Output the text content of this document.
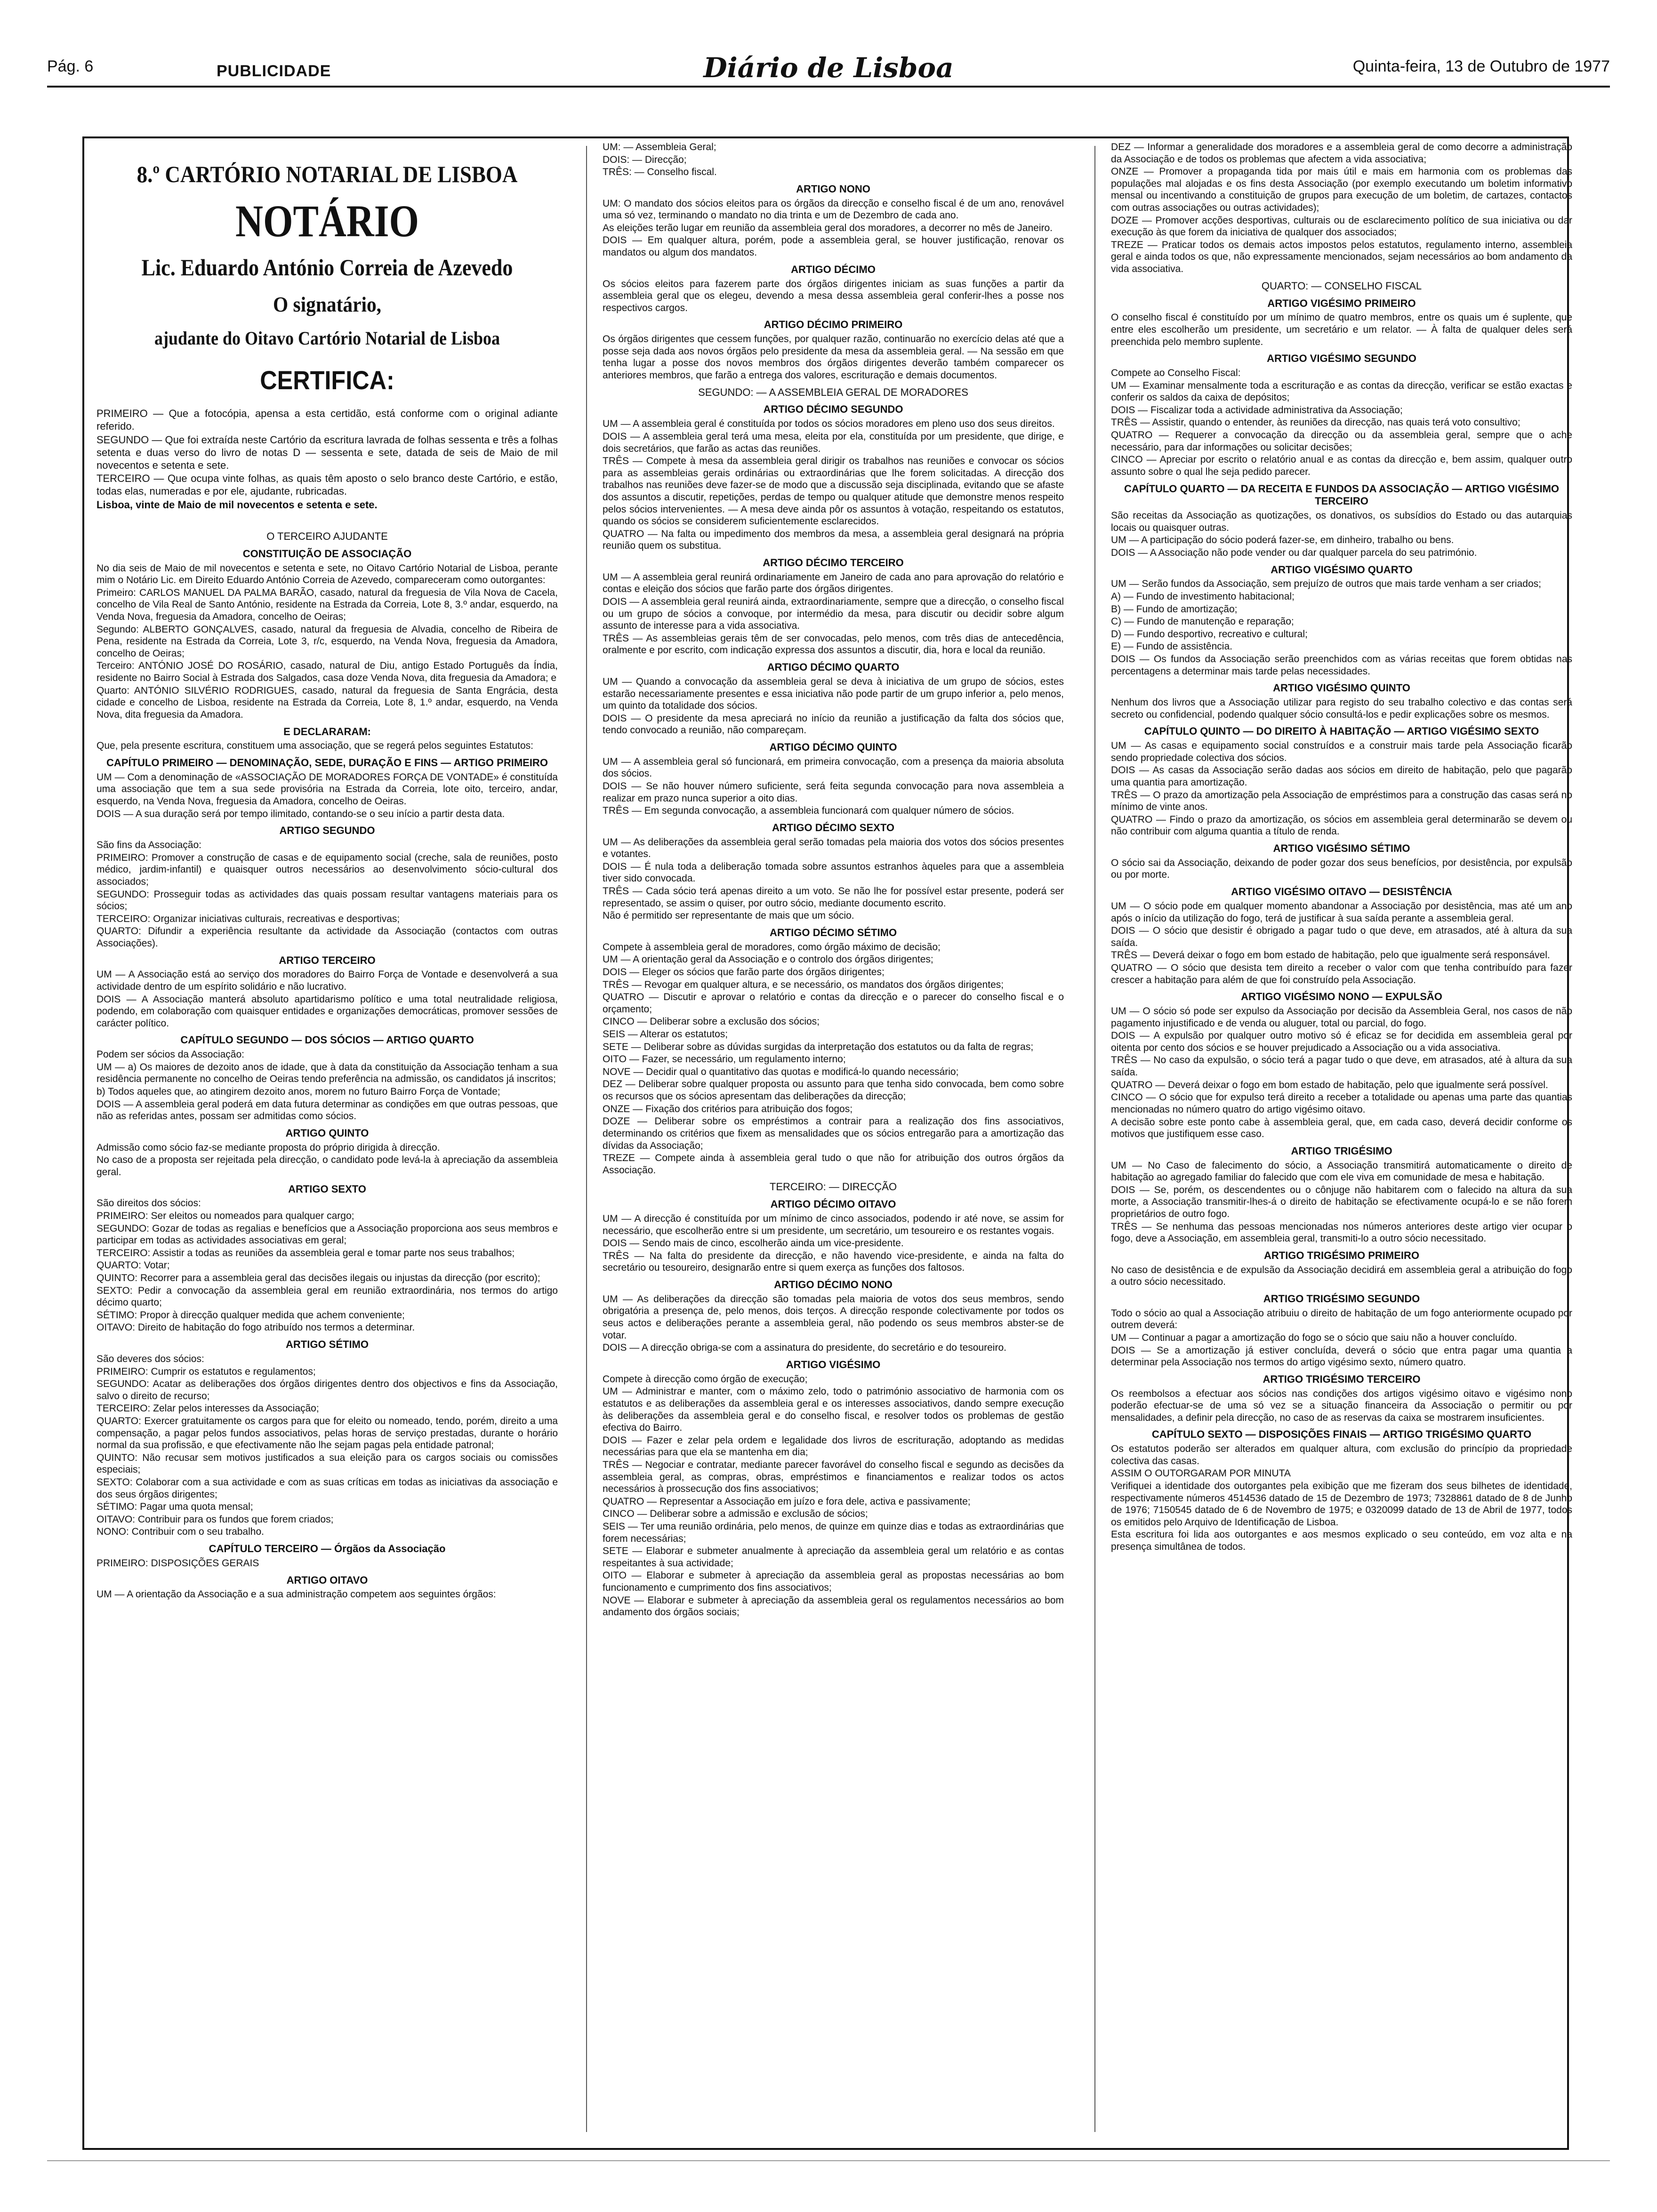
Pág. 6	PUBLICIDADE	Diário de Lisboa	Quinta-feira, 13 de Outubro de 1977
8.º CARTÓRIO NOTARIAL DE LISBOA
NOTÁRIO
Lic. Eduardo António Correia de Azevedo
O signatário,
ajudante do Oitavo Cartório Notarial de Lisboa
CERTIFICA:

PRIMEIRO — Que a fotocópia, apensa a esta certidão, está conforme com o original adiante referido.

SEGUNDO — Que foi extraída neste Cartório da escritura lavrada de folhas sessenta e três a folhas setenta e duas verso do livro de notas D — sessenta e sete, datada de seis de Maio de mil novecentos e setenta e sete.

TERCEIRO — Que ocupa vinte folhas, as quais têm aposto o selo branco deste Cartório, e estão, todas elas, numeradas e por ele, ajudante, rubricadas.

Lisboa, vinte de Maio de mil novecentos e setenta e sete.

O TERCEIRO AJUDANTE
CONSTITUIÇÃO DE ASSOCIAÇÃO

No dia seis de Maio de mil novecentos e setenta e sete, no Oitavo Cartório Notarial de Lisboa, perante mim o Notário Lic. em Direito Eduardo António Correia de Azevedo, compareceram como outorgantes:

Primeiro: CARLOS MANUEL DA PALMA BARÃO, casado, natural da freguesia de Vila Nova de Cacela, concelho de Vila Real de Santo António, residente na Estrada da Correia, Lote 8, 3.º andar, esquerdo, na Venda Nova, freguesia da Amadora, concelho de Oeiras;

Segundo: ALBERTO GONÇALVES, casado, natural da freguesia de Alvadia, concelho de Ribeira de Pena, residente na Estrada da Correia, Lote 3, r/c, esquerdo, na Venda Nova, freguesia da Amadora, concelho de Oeiras;

Terceiro: ANTÓNIO JOSÉ DO ROSÁRIO, casado, natural de Diu, antigo Estado Português da Índia, residente no Bairro Social à Estrada dos Salgados, casa doze Venda Nova, dita freguesia da Amadora; e

Quarto: ANTÓNIO SILVÉRIO RODRIGUES, casado, natural da freguesia de Santa Engrácia, desta cidade e concelho de Lisboa, residente na Estrada da Correia, Lote 8, 1.º andar, esquerdo, na Venda Nova, dita freguesia da Amadora.

E DECLARARAM:

Que, pela presente escritura, constituem uma associação, que se regerá pelos seguintes Estatutos:

CAPÍTULO PRIMEIRO — DENOMINAÇÃO, SEDE, DURAÇÃO E FINS — ARTIGO PRIMEIRO

UM — Com a denominação de «ASSOCIAÇÃO DE MORADORES FORÇA DE VONTADE» é constituída uma associação que tem a sua sede provisória na Estrada da Correia, lote oito, terceiro, andar, esquerdo, na Venda Nova, freguesia da Amadora, concelho de Oeiras.

DOIS — A sua duração será por tempo ilimitado, contando-se o seu início a partir desta data.

ARTIGO SEGUNDO

São fins da Associação:

PRIMEIRO: Promover a construção de casas e de equipamento social (creche, sala de reuniões, posto médico, jardim-infantil) e quaisquer outros necessários ao desenvolvimento sócio-cultural dos associados;

SEGUNDO: Prosseguir todas as actividades das quais possam resultar vantagens materiais para os sócios;

TERCEIRO: Organizar iniciativas culturais, recreativas e desportivas;

QUARTO: Difundir a experiência resultante da actividade da Associação (contactos com outras Associações).

ARTIGO TERCEIRO

UM — A Associação está ao serviço dos moradores do Bairro Força de Vontade e desenvolverá a sua actividade dentro de um espírito solidário e não lucrativo.

DOIS — A Associação manterá absoluto apartidarismo político e uma total neutralidade religiosa, podendo, em colaboração com quaisquer entidades e organizações democráticas, promover sessões de carácter político.

CAPÍTULO SEGUNDO — DOS SÓCIOS — ARTIGO QUARTO

Podem ser sócios da Associação:

UM — a) Os maiores de dezoito anos de idade, que à data da constituição da Associação tenham a sua residência permanente no concelho de Oeiras tendo preferência na admissão, os candidatos já inscritos;

b) Todos aqueles que, ao atingirem dezoito anos, morem no futuro Bairro Força de Vontade;

DOIS — A assembleia geral poderá em data futura determinar as condições em que outras pessoas, que não as referidas antes, possam ser admitidas como sócios.

ARTIGO QUINTO

Admissão como sócio faz-se mediante proposta do próprio dirigida à direcção.

No caso de a proposta ser rejeitada pela direcção, o candidato pode levá-la à apreciação da assembleia geral.

ARTIGO SEXTO

São direitos dos sócios:

PRIMEIRO: Ser eleitos ou nomeados para qualquer cargo;

SEGUNDO: Gozar de todas as regalias e benefícios que a Associação proporciona aos seus membros e participar em todas as actividades associativas em geral;

TERCEIRO: Assistir a todas as reuniões da assembleia geral e tomar parte nos seus trabalhos;

QUARTO: Votar;

QUINTO: Recorrer para a assembleia geral das decisões ilegais ou injustas da direcção (por escrito);

SEXTO: Pedir a convocação da assembleia geral em reunião extraordinária, nos termos do artigo décimo quarto;

SÉTIMO: Propor à direcção qualquer medida que achem conveniente;

OITAVO: Direito de habitação do fogo atribuído nos termos a determinar.

ARTIGO SÉTIMO

São deveres dos sócios:

PRIMEIRO: Cumprir os estatutos e regulamentos;

SEGUNDO: Acatar as deliberações dos órgãos dirigentes dentro dos objectivos e fins da Associação, salvo o direito de recurso;

TERCEIRO: Zelar pelos interesses da Associação;

QUARTO: Exercer gratuitamente os cargos para que for eleito ou nomeado, tendo, porém, direito a uma compensação, a pagar pelos fundos associativos, pelas horas de serviço prestadas, durante o horário normal da sua profissão, e que efectivamente não lhe sejam pagas pela entidade patronal;

QUINTO: Não recusar sem motivos justificados a sua eleição para os cargos sociais ou comissões especiais;

SEXTO: Colaborar com a sua actividade e com as suas críticas em todas as iniciativas da associação e dos seus órgãos dirigentes;

SÉTIMO: Pagar uma quota mensal;

OITAVO: Contribuir para os fundos que forem criados;

NONO: Contribuir com o seu trabalho.

CAPÍTULO TERCEIRO — Órgãos da Associação

PRIMEIRO: DISPOSIÇÕES GERAIS

ARTIGO OITAVO

UM — A orientação da Associação e a sua administração competem aos seguintes órgãos:

UM: — Assembleia Geral;

DOIS: — Direcção;

TRÊS: — Conselho fiscal.

ARTIGO NONO

UM: O mandato dos sócios eleitos para os órgãos da direcção e conselho fiscal é de um ano, renovável uma só vez, terminando o mandato no dia trinta e um de Dezembro de cada ano.

As eleições terão lugar em reunião da assembleia geral dos moradores, a decorrer no mês de Janeiro.

DOIS — Em qualquer altura, porém, pode a assembleia geral, se houver justificação, renovar os mandatos ou algum dos mandatos.

ARTIGO DÉCIMO

Os sócios eleitos para fazerem parte dos órgãos dirigentes iniciam as suas funções a partir da assembleia geral que os elegeu, devendo a mesa dessa assembleia geral conferir-lhes a posse nos respectivos cargos.

ARTIGO DÉCIMO PRIMEIRO

Os órgãos dirigentes que cessem funções, por qualquer razão, continuarão no exercício delas até que a posse seja dada aos novos órgãos pelo presidente da mesa da assembleia geral. — Na sessão em que tenha lugar a posse dos novos membros dos órgãos dirigentes deverão também comparecer os anteriores membros, que farão a entrega dos valores, escrituração e demais documentos.

SEGUNDO: — A ASSEMBLEIA GERAL DE MORADORES
ARTIGO DÉCIMO SEGUNDO

UM — A assembleia geral é constituída por todos os sócios moradores em pleno uso dos seus direitos.

DOIS — A assembleia geral terá uma mesa, eleita por ela, constituída por um presidente, que dirige, e dois secretários, que farão as actas das reuniões.

TRÊS — Compete à mesa da assembleia geral dirigir os trabalhos nas reuniões e convocar os sócios para as assembleias gerais ordinárias ou extraordinárias que lhe forem solicitadas. A direcção dos trabalhos nas reuniões deve fazer-se de modo que a discussão seja disciplinada, evitando que se afaste dos assuntos a discutir, repetições, perdas de tempo ou qualquer atitude que demonstre menos respeito pelos sócios intervenientes. — A mesa deve ainda pôr os assuntos à votação, respeitando os estatutos, quando os sócios se considerem suficientemente esclarecidos.

QUATRO — Na falta ou impedimento dos membros da mesa, a assembleia geral designará na própria reunião quem os substitua.

ARTIGO DÉCIMO TERCEIRO

UM — A assembleia geral reunirá ordinariamente em Janeiro de cada ano para aprovação do relatório e contas e eleição dos sócios que farão parte dos órgãos dirigentes.

DOIS — A assembleia geral reunirá ainda, extraordinariamente, sempre que a direcção, o conselho fiscal ou um grupo de sócios a convoque, por intermédio da mesa, para discutir ou decidir sobre algum assunto de interesse para a vida associativa.

TRÊS — As assembleias gerais têm de ser convocadas, pelo menos, com três dias de antecedência, oralmente e por escrito, com indicação expressa dos assuntos a discutir, dia, hora e local da reunião.

ARTIGO DÉCIMO QUARTO

UM — Quando a convocação da assembleia geral se deva à iniciativa de um grupo de sócios, estes estarão necessariamente presentes e essa iniciativa não pode partir de um grupo inferior a, pelo menos, um quinto da totalidade dos sócios.

DOIS — O presidente da mesa apreciará no início da reunião a justificação da falta dos sócios que, tendo convocado a reunião, não compareçam.

ARTIGO DÉCIMO QUINTO

UM — A assembleia geral só funcionará, em primeira convocação, com a presença da maioria absoluta dos sócios.

DOIS — Se não houver número suficiente, será feita segunda convocação para nova assembleia a realizar em prazo nunca superior a oito dias.

TRÊS — Em segunda convocação, a assembleia funcionará com qualquer número de sócios.

ARTIGO DÉCIMO SEXTO

UM — As deliberações da assembleia geral serão tomadas pela maioria dos votos dos sócios presentes e votantes.

DOIS — É nula toda a deliberação tomada sobre assuntos estranhos àqueles para que a assembleia tiver sido convocada.

TRÊS — Cada sócio terá apenas direito a um voto. Se não lhe for possível estar presente, poderá ser representado, se assim o quiser, por outro sócio, mediante documento escrito.

Não é permitido ser representante de mais que um sócio.

ARTIGO DÉCIMO SÉTIMO

Compete à assembleia geral de moradores, como órgão máximo de decisão;

UM — A orientação geral da Associação e o controlo dos órgãos dirigentes;

DOIS — Eleger os sócios que farão parte dos órgãos dirigentes;

TRÊS — Revogar em qualquer altura, e se necessário, os mandatos dos órgãos dirigentes;

QUATRO — Discutir e aprovar o relatório e contas da direcção e o parecer do conselho fiscal e o orçamento;

CINCO — Deliberar sobre a exclusão dos sócios;

SEIS — Alterar os estatutos;

SETE — Deliberar sobre as dúvidas surgidas da interpretação dos estatutos ou da falta de regras;

OITO — Fazer, se necessário, um regulamento interno;

NOVE — Decidir qual o quantitativo das quotas e modificá-lo quando necessário;

DEZ — Deliberar sobre qualquer proposta ou assunto para que tenha sido convocada, bem como sobre os recursos que os sócios apresentam das deliberações da direcção;

ONZE — Fixação dos critérios para atribuição dos fogos;

DOZE — Deliberar sobre os empréstimos a contrair para a realização dos fins associativos, determinando os critérios que fixem as mensalidades que os sócios entregarão para a amortização das dívidas da Associação;

TREZE — Compete ainda à assembleia geral tudo o que não for atribuição dos outros órgãos da Associação.

TERCEIRO: — DIRECÇÃO
ARTIGO DÉCIMO OITAVO

UM — A direcção é constituída por um mínimo de cinco associados, podendo ir até nove, se assim for necessário, que escolherão entre si um presidente, um secretário, um tesoureiro e os restantes vogais.

DOIS — Sendo mais de cinco, escolherão ainda um vice-presidente.

TRÊS — Na falta do presidente da direcção, e não havendo vice-presidente, e ainda na falta do secretário ou tesoureiro, designarão entre si quem exerça as funções dos faltosos.

ARTIGO DÉCIMO NONO

UM — As deliberações da direcção são tomadas pela maioria de votos dos seus membros, sendo obrigatória a presença de, pelo menos, dois terços. A direcção responde colectivamente por todos os seus actos e deliberações perante a assembleia geral, não podendo os seus membros abster-se de votar.

DOIS — A direcção obriga-se com a assinatura do presidente, do secretário e do tesoureiro.

ARTIGO VIGÉSIMO

Compete à direcção como órgão de execução;

UM — Administrar e manter, com o máximo zelo, todo o património associativo de harmonia com os estatutos e as deliberações da assembleia geral e os interesses associativos, dando sempre execução às deliberações da assembleia geral e do conselho fiscal, e resolver todos os problemas de gestão efectiva do Bairro.

DOIS — Fazer e zelar pela ordem e legalidade dos livros de escrituração, adoptando as medidas necessárias para que ela se mantenha em dia;

TRÊS — Negociar e contratar, mediante parecer favorável do conselho fiscal e segundo as decisões da assembleia geral, as compras, obras, empréstimos e financiamentos e realizar todos os actos necessários à prossecução dos fins associativos;

QUATRO — Representar a Associação em juízo e fora dele, activa e passivamente;

CINCO — Deliberar sobre a admissão e exclusão de sócios;

SEIS — Ter uma reunião ordinária, pelo menos, de quinze em quinze dias e todas as extraordinárias que forem necessárias;

SETE — Elaborar e submeter anualmente à apreciação da assembleia geral um relatório e as contas respeitantes à sua actividade;

OITO — Elaborar e submeter à apreciação da assembleia geral as propostas necessárias ao bom funcionamento e cumprimento dos fins associativos;

NOVE — Elaborar e submeter à apreciação da assembleia geral os regulamentos necessários ao bom andamento dos órgãos sociais;

DEZ — Informar a generalidade dos moradores e a assembleia geral de como decorre a administração da Associação e de todos os problemas que afectem a vida associativa;

ONZE — Promover a propaganda tida por mais útil e mais em harmonia com os problemas das populações mal alojadas e os fins desta Associação (por exemplo executando um boletim informativo mensal ou incentivando a constituição de grupos para execução de um boletim, de cartazes, contactos com outras associações ou outras actividades);

DOZE — Promover acções desportivas, culturais ou de esclarecimento político de sua iniciativa ou dar execução às que forem da iniciativa de qualquer dos associados;

TREZE — Praticar todos os demais actos impostos pelos estatutos, regulamento interno, assembleia geral e ainda todos os que, não expressamente mencionados, sejam necessários ao bom andamento da vida associativa.

QUARTO: — CONSELHO FISCAL
ARTIGO VIGÉSIMO PRIMEIRO

O conselho fiscal é constituído por um mínimo de quatro membros, entre os quais um é suplente, que entre eles escolherão um presidente, um secretário e um relator. — À falta de qualquer deles será preenchida pelo membro suplente.

ARTIGO VIGÉSIMO SEGUNDO

Compete ao Conselho Fiscal:

UM — Examinar mensalmente toda a escrituração e as contas da direcção, verificar se estão exactas e conferir os saldos da caixa de depósitos;

DOIS — Fiscalizar toda a actividade administrativa da Associação;

TRÊS — Assistir, quando o entender, às reuniões da direcção, nas quais terá voto consultivo;

QUATRO — Requerer a convocação da direcção ou da assembleia geral, sempre que o ache necessário, para dar informações ou solicitar decisões;

CINCO — Apreciar por escrito o relatório anual e as contas da direcção e, bem assim, qualquer outro assunto sobre o qual lhe seja pedido parecer.

CAPÍTULO QUARTO — DA RECEITA E FUNDOS DA ASSOCIAÇÃO — ARTIGO VIGÉSIMO TERCEIRO

São receitas da Associação as quotizações, os donativos, os subsídios do Estado ou das autarquias locais ou quaisquer outras.

UM — A participação do sócio poderá fazer-se, em dinheiro, trabalho ou bens.

DOIS — A Associação não pode vender ou dar qualquer parcela do seu património.

ARTIGO VIGÉSIMO QUARTO

UM — Serão fundos da Associação, sem prejuízo de outros que mais tarde venham a ser criados;

A) — Fundo de investimento habitacional;

B) — Fundo de amortização;

C) — Fundo de manutenção e reparação;

D) — Fundo desportivo, recreativo e cultural;

E) — Fundo de assistência.

DOIS — Os fundos da Associação serão preenchidos com as várias receitas que forem obtidas nas percentagens a determinar mais tarde pelas necessidades.

ARTIGO VIGÉSIMO QUINTO

Nenhum dos livros que a Associação utilizar para registo do seu trabalho colectivo e das contas será secreto ou confidencial, podendo qualquer sócio consultá-los e pedir explicações sobre os mesmos.

CAPÍTULO QUINTO — DO DIREITO À HABITAÇÃO — ARTIGO VIGÉSIMO SEXTO

UM — As casas e equipamento social construídos e a construir mais tarde pela Associação ficarão sendo propriedade colectiva dos sócios.

DOIS — As casas da Associação serão dadas aos sócios em direito de habitação, pelo que pagarão uma quantia para amortização.

TRÊS — O prazo da amortização pela Associação de empréstimos para a construção das casas será no mínimo de vinte anos.

QUATRO — Findo o prazo da amortização, os sócios em assembleia geral determinarão se devem ou não contribuir com alguma quantia a título de renda.

ARTIGO VIGÉSIMO SÉTIMO

O sócio sai da Associação, deixando de poder gozar dos seus benefícios, por desistência, por expulsão ou por morte.

ARTIGO VIGÉSIMO OITAVO — DESISTÊNCIA

UM — O sócio pode em qualquer momento abandonar a Associação por desistência, mas até um ano após o início da utilização do fogo, terá de justificar à sua saída perante a assembleia geral.

DOIS — O sócio que desistir é obrigado a pagar tudo o que deve, em atrasados, até à altura da sua saída.

TRÊS — Deverá deixar o fogo em bom estado de habitação, pelo que igualmente será responsável.

QUATRO — O sócio que desista tem direito a receber o valor com que tenha contribuído para fazer crescer a habitação para além de que foi construído pela Associação.

ARTIGO VIGÉSIMO NONO — EXPULSÃO

UM — O sócio só pode ser expulso da Associação por decisão da Assembleia Geral, nos casos de não pagamento injustificado e de venda ou aluguer, total ou parcial, do fogo.

DOIS — A expulsão por qualquer outro motivo só é eficaz se for decidida em assembleia geral por oitenta por cento dos sócios e se houver prejudicado a Associação ou a vida associativa.

TRÊS — No caso da expulsão, o sócio terá a pagar tudo o que deve, em atrasados, até à altura da sua saída.

QUATRO — Deverá deixar o fogo em bom estado de habitação, pelo que igualmente será possível.

CINCO — O sócio que for expulso terá direito a receber a totalidade ou apenas uma parte das quantias mencionadas no número quatro do artigo vigésimo oitavo.

A decisão sobre este ponto cabe à assembleia geral, que, em cada caso, deverá decidir conforme os motivos que justifiquem esse caso.

ARTIGO TRIGÉSIMO

UM — No Caso de falecimento do sócio, a Associação transmitirá automaticamente o direito de habitação ao agregado familiar do falecido que com ele viva em comunidade de mesa e habitação.

DOIS — Se, porém, os descendentes ou o cônjuge não habitarem com o falecido na altura da sua morte, a Associação transmitir-lhes-á o direito de habitação se efectivamente ocupá-lo e se não forem proprietários de outro fogo.

TRÊS — Se nenhuma das pessoas mencionadas nos números anteriores deste artigo vier ocupar o fogo, deve a Associação, em assembleia geral, transmiti-lo a outro sócio necessitado.

ARTIGO TRIGÉSIMO PRIMEIRO

No caso de desistência e de expulsão da Associação decidirá em assembleia geral a atribuição do fogo a outro sócio necessitado.

ARTIGO TRIGÉSIMO SEGUNDO

Todo o sócio ao qual a Associação atribuiu o direito de habitação de um fogo anteriormente ocupado por outrem deverá:

UM — Continuar a pagar a amortização do fogo se o sócio que saiu não a houver concluído.

DOIS — Se a amortização já estiver concluída, deverá o sócio que entra pagar uma quantia a determinar pela Associação nos termos do artigo vigésimo sexto, número quatro.

ARTIGO TRIGÉSIMO TERCEIRO

Os reembolsos a efectuar aos sócios nas condições dos artigos vigésimo oitavo e vigésimo nono poderão efectuar-se de uma só vez se a situação financeira da Associação o permitir ou por mensalidades, a definir pela direcção, no caso de as reservas da caixa se mostrarem insuficientes.

CAPÍTULO SEXTO — DISPOSIÇÕES FINAIS — ARTIGO TRIGÉSIMO QUARTO

Os estatutos poderão ser alterados em qualquer altura, com exclusão do princípio da propriedade colectiva das casas.

ASSIM O OUTORGARAM POR MINUTA

Verifiquei a identidade dos outorgantes pela exibição que me fizeram dos seus bilhetes de identidade, respectivamente números 4514536 datado de 15 de Dezembro de 1973; 7328861 datado de 8 de Junho de 1976; 7150545 datado de 6 de Novembro de 1975; e 0320099 datado de 13 de Abril de 1977, todos os emitidos pelo Arquivo de Identificação de Lisboa.

Esta escritura foi lida aos outorgantes e aos mesmos explicado o seu conteúdo, em voz alta e na presença simultânea de todos.
